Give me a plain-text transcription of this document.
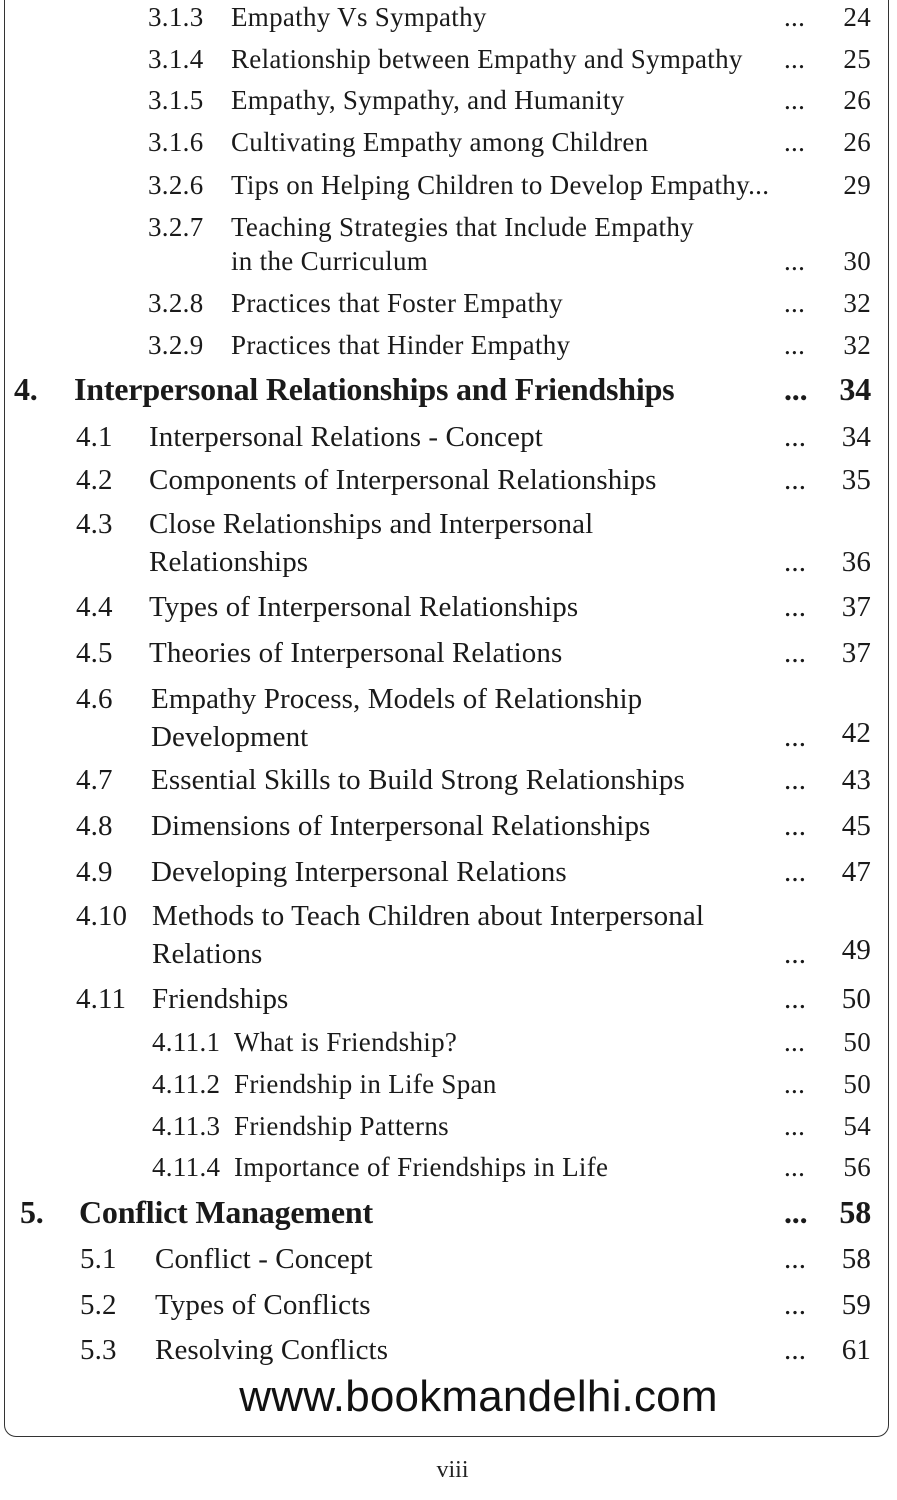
3.1.3 Empathy Vs Sympathy	... 24
3.1.4 Relationship between Empathy and Sympathy ... 25
3.1.5 Empathy, Sympathy, and Humanity	... 26
3.1.6 Cultivating Empathy among Children	... 26
3.2.6 Tips on Helping Children to Develop Empathy...	29
3.2.7 Teaching Strategies that Include Empathy
in the Curriculum	... 30
3.2.8 Practices that Foster Empathy	... 32
3.2.9 Practices that Hinder Empathy	... 32
4. Interpersonal Relationships and Friendships	... 34
4.1 Interpersonal Relations - Concept	... 34
4.2 Components of Interpersonal Relationships	... 35
4.3 Close Relationships and Interpersonal
Relationships	... 36
4.4 Types of Interpersonal Relationships	... 37
4.5 Theories of Interpersonal Relations	... 37
4.6 Empathy Process, Models of Relationship
Development	... 42
4.7 Essential Skills to Build Strong Relationships	... 43
4.8 Dimensions of Interpersonal Relationships	... 45
4.9 Developing Interpersonal Relations	... 47
4.10 Methods to Teach Children about Interpersonal
Relations	... 49
4.11 Friendships	... 50
4.11.1 What is Friendship?	... 50
4.11.2 Friendship in Life Span	... 50
4.11.3 Friendship Patterns	... 54
4.11.4 Importance of Friendships in Life	... 56
5. Conflict Management	... 58
5.1 Conflict - Concept	... 58
5.2 Types of Conflicts	... 59
5.3 Resolving Conflicts	... 61
www.bookmandelhi.com
viii
